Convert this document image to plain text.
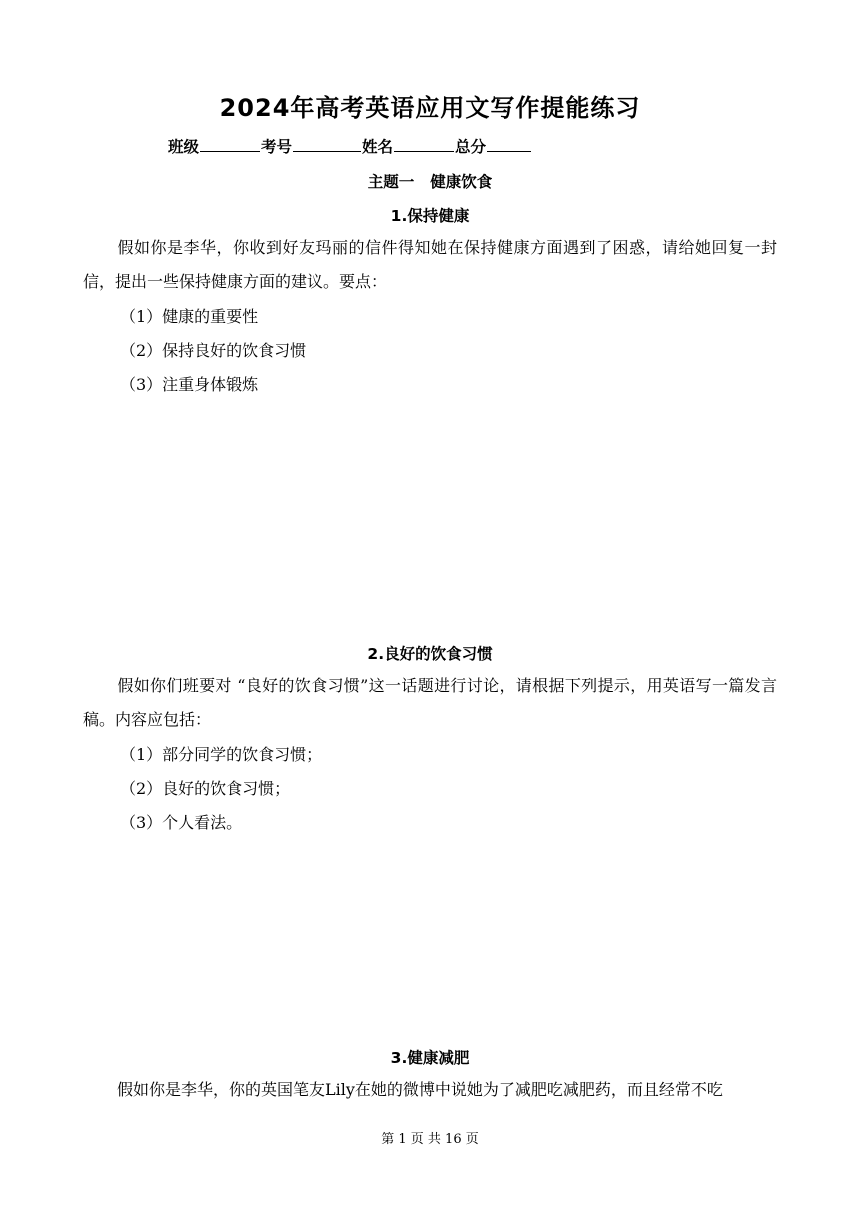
2024年高考英语应用文写作提能练习
班级	考号	姓名	总分
主题一 健康饮食
1.保持健康
假如你是李华，你收到好友玛丽的信件得知她在保持健康方面遇到了困惑，请给她回复一封信，提出一些保持健康方面的建议。要点：
（1）健康的重要性
（2）保持良好的饮食习惯
（3）注重身体锻炼
2.良好的饮食习惯
假如你们班要对 “良好的饮食习惯”这一话题进行讨论，请根据下列提示，用英语写一篇发言稿。内容应包括：
（1）部分同学的饮食习惯；
（2）良好的饮食习惯；
（3）个人看法。
3.健康减肥
假如你是李华，你的英国笔友Lily在她的微博中说她为了减肥吃减肥药，而且经常不吃
第 1 页 共 16 页
